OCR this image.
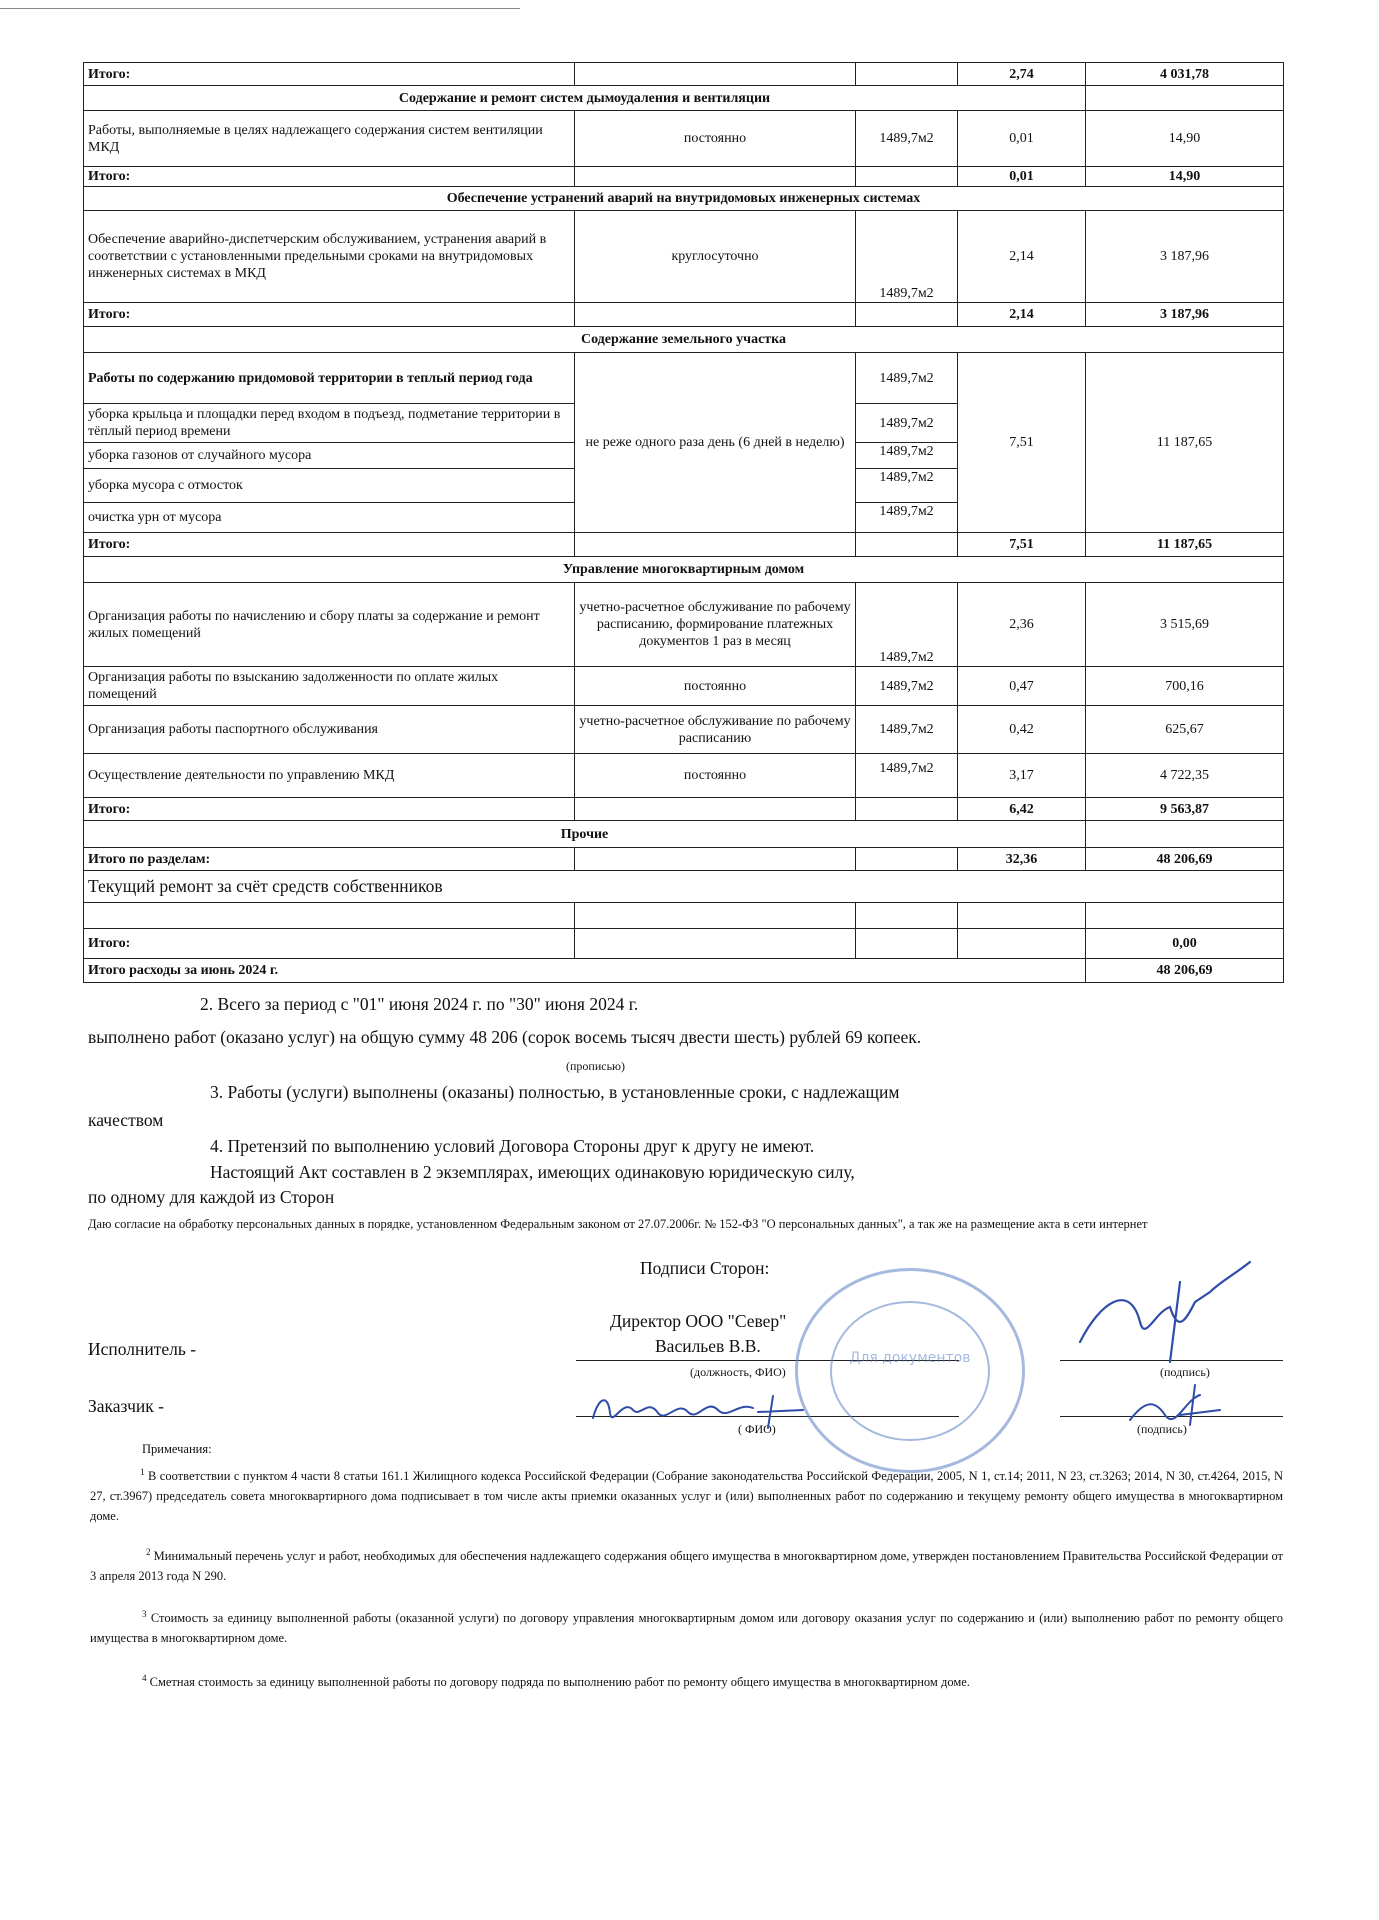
Итого:			2,74	4 031,78
Содержание и ремонт систем дымоудаления и вентиляции				
Работы, выполняемые в целях надлежащего содержания систем вентиляции МКД	постоянно	1489,7м2	0,01	14,90
Итого:			0,01	14,90
Обеспечение устранений аварий на внутридомовых инженерных системах				
Обеспечение аварийно-диспетчерским обслуживанием, устранения аварий в соответствии с установленными предельными сроками на внутридомовых инженерных системах в МКД	круглосуточно	1489,7м2	2,14	3 187,96
Итого:			2,14	3 187,96
Содержание земельного участка				
Работы по содержанию придомовой территории в теплый период года	не реже одного раза день (6 дней в неделю)	1489,7м2	7,51	11 187,65
уборка крыльца и площадки перед входом в подъезд, подметание территории в тёплый период времени		1489,7м2		
уборка газонов от случайного мусора		1489,7м2		
уборка мусора с отмосток		1489,7м2		
очистка урн от мусора		1489,7м2		
Итого:			7,51	11 187,65
Управление многоквартирным домом				
Организация работы по начислению и сбору платы за содержание и ремонт жилых помещений	учетно-расчетное обслуживание по рабочему расписанию, формирование платежных документов 1 раз в месяц	1489,7м2	2,36	3 515,69
Организация работы по взысканию задолженности по оплате жилых помещений	постоянно	1489,7м2	0,47	700,16
Организация работы паспортного обслуживания	учетно-расчетное обслуживание по рабочему расписанию	1489,7м2	0,42	625,67
Осуществление деятельности по управлению МКД	постоянно	1489,7м2	3,17	4 722,35
Итого:			6,42	9 563,87
Прочие				
Итого по разделам:			32,36	48 206,69
Текущий ремонт за счёт средств собственников				

Итого:				0,00
Итого расходы за июнь 2024 г.				48 206,69
2. Всего за период с "01" июня 2024 г. по "30" июня 2024 г.
выполнено работ (оказано услуг) на общую сумму 48 206 (сорок восемь тысяч двести шесть) рублей 69 копеек.
(прописью)
3. Работы (услуги) выполнены (оказаны) полностью, в установленные сроки, с надлежащим
качеством
4. Претензий по выполнению условий Договора Стороны друг к другу не имеют.
Настоящий Акт составлен в 2 экземплярах, имеющих одинаковую юридическую силу,
по одному для каждой из Сторон
Даю согласие на обработку персональных данных в порядке, установленном Федеральным законом от 27.07.2006г. № 152-ФЗ "О персональных данных", а так же на размещение акта в сети интернет
Подписи Сторон:
Директор ООО "Север"
Исполнитель -	Васильев В.В.
(должность, ФИО)	(подпись)
Заказчик -
( ФИО)	(подпись)
Для документов
Примечания:
$^1$ В соответствии с пунктом 4 части 8 статьи 161.1 Жилищного кодекса Российской Федерации (Собрание законодательства Российской Федерации, 2005, N 1, ст.14; 2011, N 23, ст.3263; 2014, N 30, ст.4264, 2015, N 27, ст.3967) председатель совета многоквартирного дома подписывает в том числе акты приемки оказанных услуг и (или) выполненных работ по содержанию и текущему ремонту общего имущества в многоквартирном доме.
$^2$ Минимальный перечень услуг и работ, необходимых для обеспечения надлежащего содержания общего имущества в многоквартирном доме, утвержден постановлением Правительства Российской Федерации от 3 апреля 2013 года N 290.
$^3$ Стоимость за единицу выполненной работы (оказанной услуги) по договору управления многоквартирным домом или договору оказания услуг по содержанию и (или) выполнению работ по ремонту общего имущества в многоквартирном доме.
$^4$ Сметная стоимость за единицу выполненной работы по договору подряда по выполнению работ по ремонту общего имущества в многоквартирном доме.
